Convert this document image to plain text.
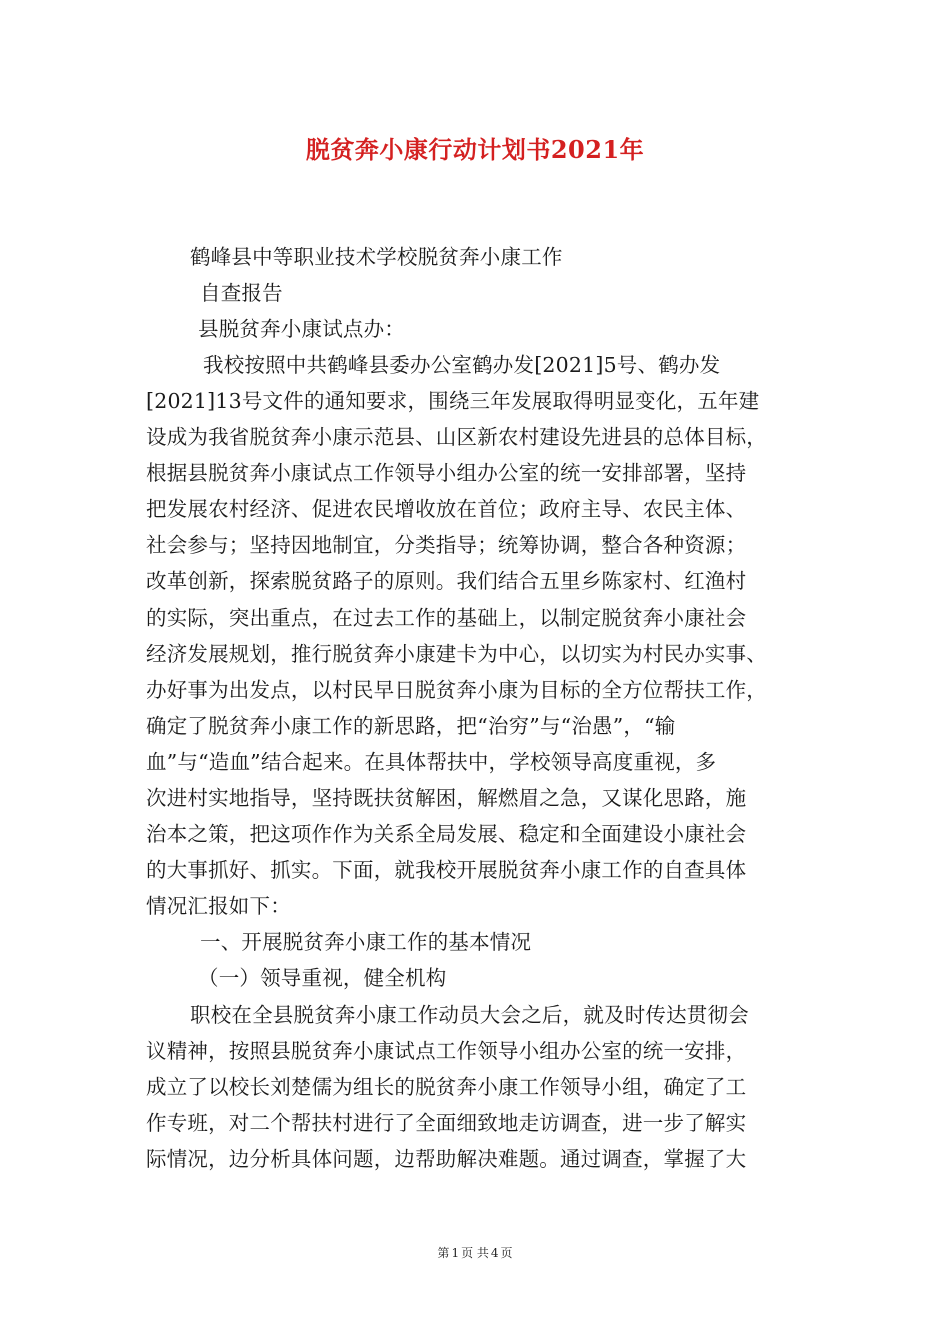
脱贫奔小康行动计划书2021年
鹤峰县中等职业技术学校脱贫奔小康工作
自查报告
县脱贫奔小康试点办：
我校按照中共鹤峰县委办公室鹤办发[2021]5号、鹤办发
[2021]13号文件的通知要求，围绕三年发展取得明显变化，五年建
设成为我省脱贫奔小康示范县、山区新农村建设先进县的总体目标，
根据县脱贫奔小康试点工作领导小组办公室的统一安排部署，坚持
把发展农村经济、促进农民增收放在首位；政府主导、农民主体、
社会参与；坚持因地制宜，分类指导；统筹协调，整合各种资源；
改革创新，探索脱贫路子的原则。我们结合五里乡陈家村、红渔村
的实际，突出重点，在过去工作的基础上，以制定脱贫奔小康社会
经济发展规划，推行脱贫奔小康建卡为中心，以切实为村民办实事、
办好事为出发点，以村民早日脱贫奔小康为目标的全方位帮扶工作，
确定了脱贫奔小康工作的新思路，把“治穷”与“治愚”，“输
血”与“造血”结合起来。在具体帮扶中，学校领导高度重视，多
次进村实地指导，坚持既扶贫解困，解燃眉之急，又谋化思路，施
治本之策，把这项作作为关系全局发展、稳定和全面建设小康社会
的大事抓好、抓实。下面，就我校开展脱贫奔小康工作的自查具体
情况汇报如下：
一、开展脱贫奔小康工作的基本情况
（一）领导重视，健全机构
职校在全县脱贫奔小康工作动员大会之后，就及时传达贯彻会
议精神，按照县脱贫奔小康试点工作领导小组办公室的统一安排，
成立了以校长刘楚儒为组长的脱贫奔小康工作领导小组，确定了工
作专班，对二个帮扶村进行了全面细致地走访调查，进一步了解实
际情况，边分析具体问题，边帮助解决难题。通过调查，掌握了大
第 1 页 共 4 页
